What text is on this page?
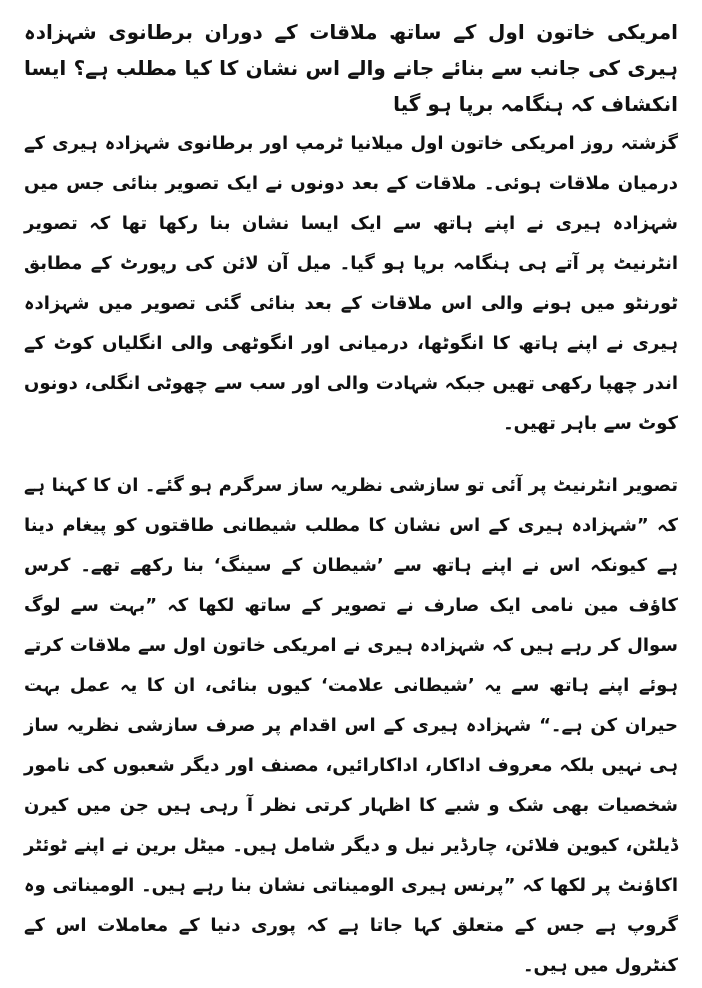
امریکی خاتون اول کے ساتھ ملاقات کے دوران برطانوی شہزادہ ہیری کی جانب سے بنائے جانے والے اس نشان کا کیا مطلب ہے؟ ایسا انکشاف کہ ہنگامہ برپا ہو گیا

گزشتہ روز امریکی خاتون اول میلانیا ٹرمپ اور برطانوی شہزادہ ہیری کے درمیان ملاقات ہوئی۔ ملاقات کے بعد دونوں نے ایک تصویر بنائی جس میں شہزادہ ہیری نے اپنے ہاتھ سے ایک ایسا نشان بنا رکھا تھا کہ تصویر انٹرنیٹ پر آتے ہی ہنگامہ برپا ہو گیا۔ میل آن لائن کی رپورٹ کے مطابق ٹورنٹو میں ہونے والی اس ملاقات کے بعد بنائی گئی تصویر میں شہزادہ ہیری نے اپنے ہاتھ کا انگوٹھا، درمیانی اور انگوٹھی والی انگلیاں کوٹ کے اندر چھپا رکھی تھیں جبکہ شہادت والی اور سب سے چھوٹی انگلی، دونوں کوٹ سے باہر تھیں۔

تصویر انٹرنیٹ پر آئی تو سازشی نظریہ ساز سرگرم ہو گئے۔ ان کا کہنا ہے کہ ”شہزادہ ہیری کے اس نشان کا مطلب شیطانی طاقتوں کو پیغام دینا ہے کیونکہ اس نے اپنے ہاتھ سے ’شیطان کے سینگ‘ بنا رکھے تھے۔ کرس کاؤف مین نامی ایک صارف نے تصویر کے ساتھ لکھا کہ ”بہت سے لوگ سوال کر رہے ہیں کہ شہزادہ ہیری نے امریکی خاتون اول سے ملاقات کرتے ہوئے اپنے ہاتھ سے یہ ’شیطانی علامت‘ کیوں بنائی، ان کا یہ عمل بہت حیران کن ہے۔“ شہزادہ ہیری کے اس اقدام پر صرف سازشی نظریہ ساز ہی نہیں بلکہ معروف اداکار، اداکارائیں، مصنف اور دیگر شعبوں کی نامور شخصیات بھی شک و شبے کا اظہار کرتی نظر آ رہی ہیں جن میں کیرن ڈیلٹن، کیوین فلائن، چارڈیر نیل و دیگر شامل ہیں۔ میٹل برین نے اپنے ٹوئٹر اکاؤنٹ پر لکھا کہ ”پرنس ہیری الومیناتی نشان بنا رہے ہیں۔ الومیناتی وہ گروپ ہے جس کے متعلق کہا جاتا ہے کہ پوری دنیا کے معاملات اس کے کنٹرول میں ہیں۔
